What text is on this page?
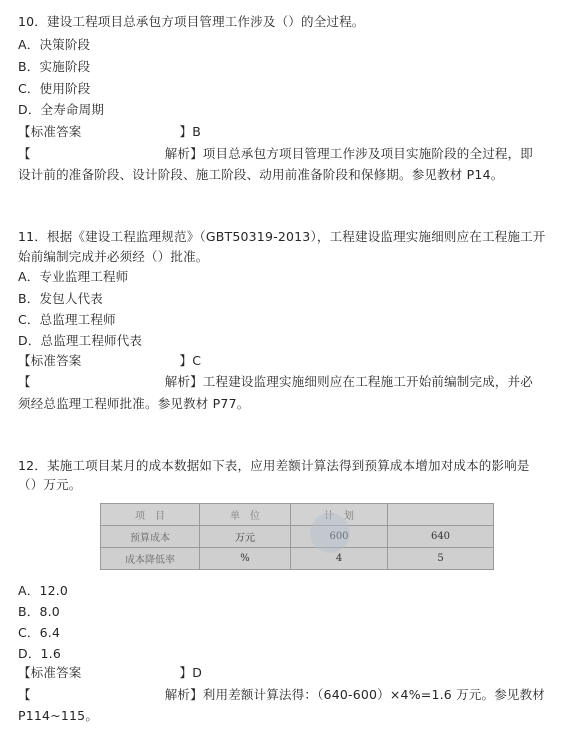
10．建设工程项目总承包方项目管理工作涉及（）的全过程。
A．决策阶段
B．实施阶段
C．使用阶段
D．全寿命周期
【标准答案	】B
【	解析】项目总承包方项目管理工作涉及项目实施阶段的全过程，即
设计前的准备阶段、设计阶段、施工阶段、动用前准备阶段和保修期。参见教材 P14。
11．根据《建设工程监理规范》（GBT50319-2013），工程建设监理实施细则应在工程施工开
始前编制完成并必须经（）批准。
A．专业监理工程师
B．发包人代表
C．总监理工程师
D．总监理工程师代表
【标准答案	】C
【	解析】工程建设监理实施细则应在工程施工开始前编制完成，并必
须经总监理工程师批准。参见教材 P77。
12．某施工项目某月的成本数据如下表，应用差额计算法得到预算成本增加对成本的影响是
（）万元。
项　目	单　位	计　划	
预算成本	万元	600	640
成本降低率	%	4	5
A．12.0
B．8.0
C．6.4
D．1.6
【标准答案	】D
【	解析】利用差额计算法得：（640-600）×4%=1.6 万元。参见教材
P114~115。
